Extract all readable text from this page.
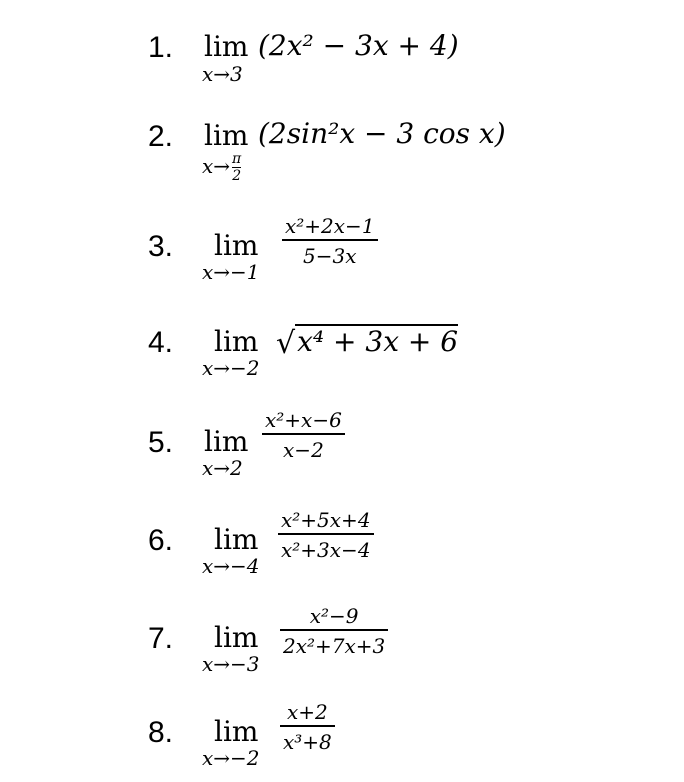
1. lim
x→3
(2x² − 3x + 4)
2. lim
$x\to \frac{\pi}{2}$
(2sin²x − 3 cos x)
3. lim
x→−1
x²+2x−1
5−3x
4. lim
x→−2
√x⁴ + 3x + 6
5. lim
x→2
x²+x−6
x−2
6. lim
x→−4
x²+5x+4
x²+3x−4
7. lim
x→−3
x²−9
2x²+7x+3
8. lim
x→−2
x+2
x³+8
